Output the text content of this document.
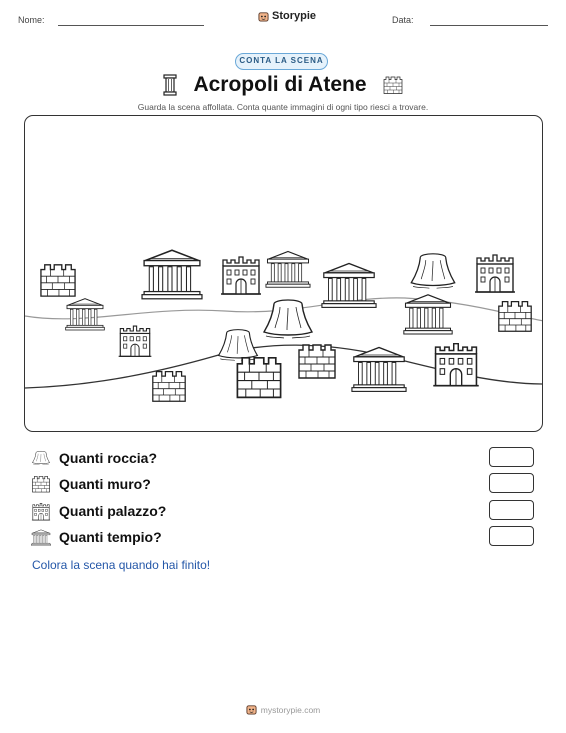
Nome:	Storypie	Data:
CONTA LA SCENA
Acropoli di Atene
Guarda la scena affollata. Conta quante immagini di ogni tipo riesci a trovare.
Quanti roccia?
Quanti muro?
Quanti palazzo?
Quanti tempio?
Colora la scena quando hai finito!
mystorypie.com
